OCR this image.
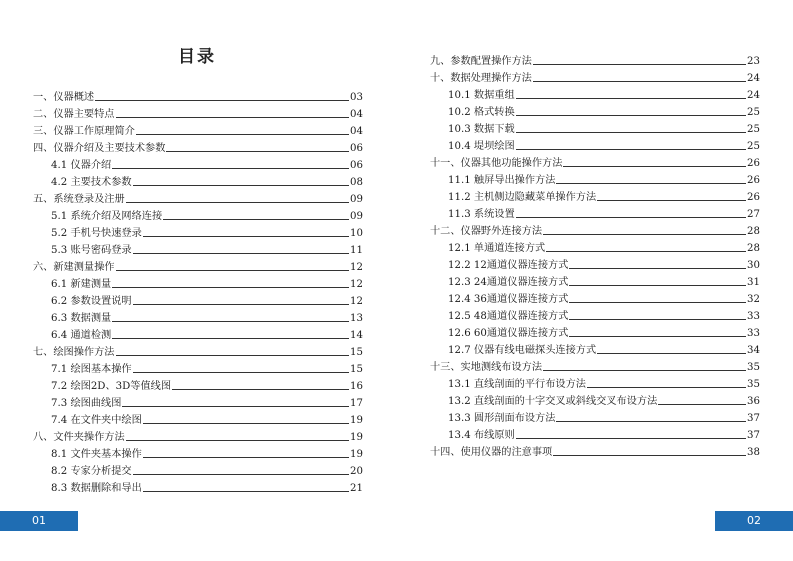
目录
一、仪器概述	03
二、仪器主要特点	04
三、仪器工作原理简介	04
四、仪器介绍及主要技术参数	06
4.1 仪器介绍	06
4.2 主要技术参数	08
五、系统登录及注册	09
5.1 系统介绍及网络连接	09
5.2 手机号快速登录	10
5.3 账号密码登录	11
六、新建测量操作	12
6.1 新建测量	12
6.2 参数设置说明	12
6.3 数据测量	13
6.4 通道检测	14
七、绘图操作方法	15
7.1 绘图基本操作	15
7.2 绘图2D、3D等值线图	16
7.3 绘图曲线图	17
7.4 在文件夹中绘图	19
八、文件夹操作方法	19
8.1 文件夹基本操作	19
8.2 专家分析提交	20
8.3 数据删除和导出	21
01
九、参数配置操作方法	23
十、数据处理操作方法	24
10.1 数据重组	24
10.2 格式转换	25
10.3 数据下载	25
10.4 堤坝绘图	25
十一、仪器其他功能操作方法	26
11.1 触屏导出操作方法	26
11.2 主机侧边隐藏菜单操作方法	26
11.3 系统设置	27
十二、仪器野外连接方法	28
12.1 单通道连接方式	28
12.2 12通道仪器连接方式	30
12.3 24通道仪器连接方式	31
12.4 36通道仪器连接方式	32
12.5 48通道仪器连接方式	33
12.6 60通道仪器连接方式	33
12.7 仪器有线电磁探头连接方式	34
十三、实地测线布设方法	35
13.1 直线剖面的平行布设方法	35
13.2 直线剖面的十字交叉或斜线交叉布设方法	36
13.3 圆形剖面布设方法	37
13.4 布线原则	37
十四、使用仪器的注意事项	38
02
